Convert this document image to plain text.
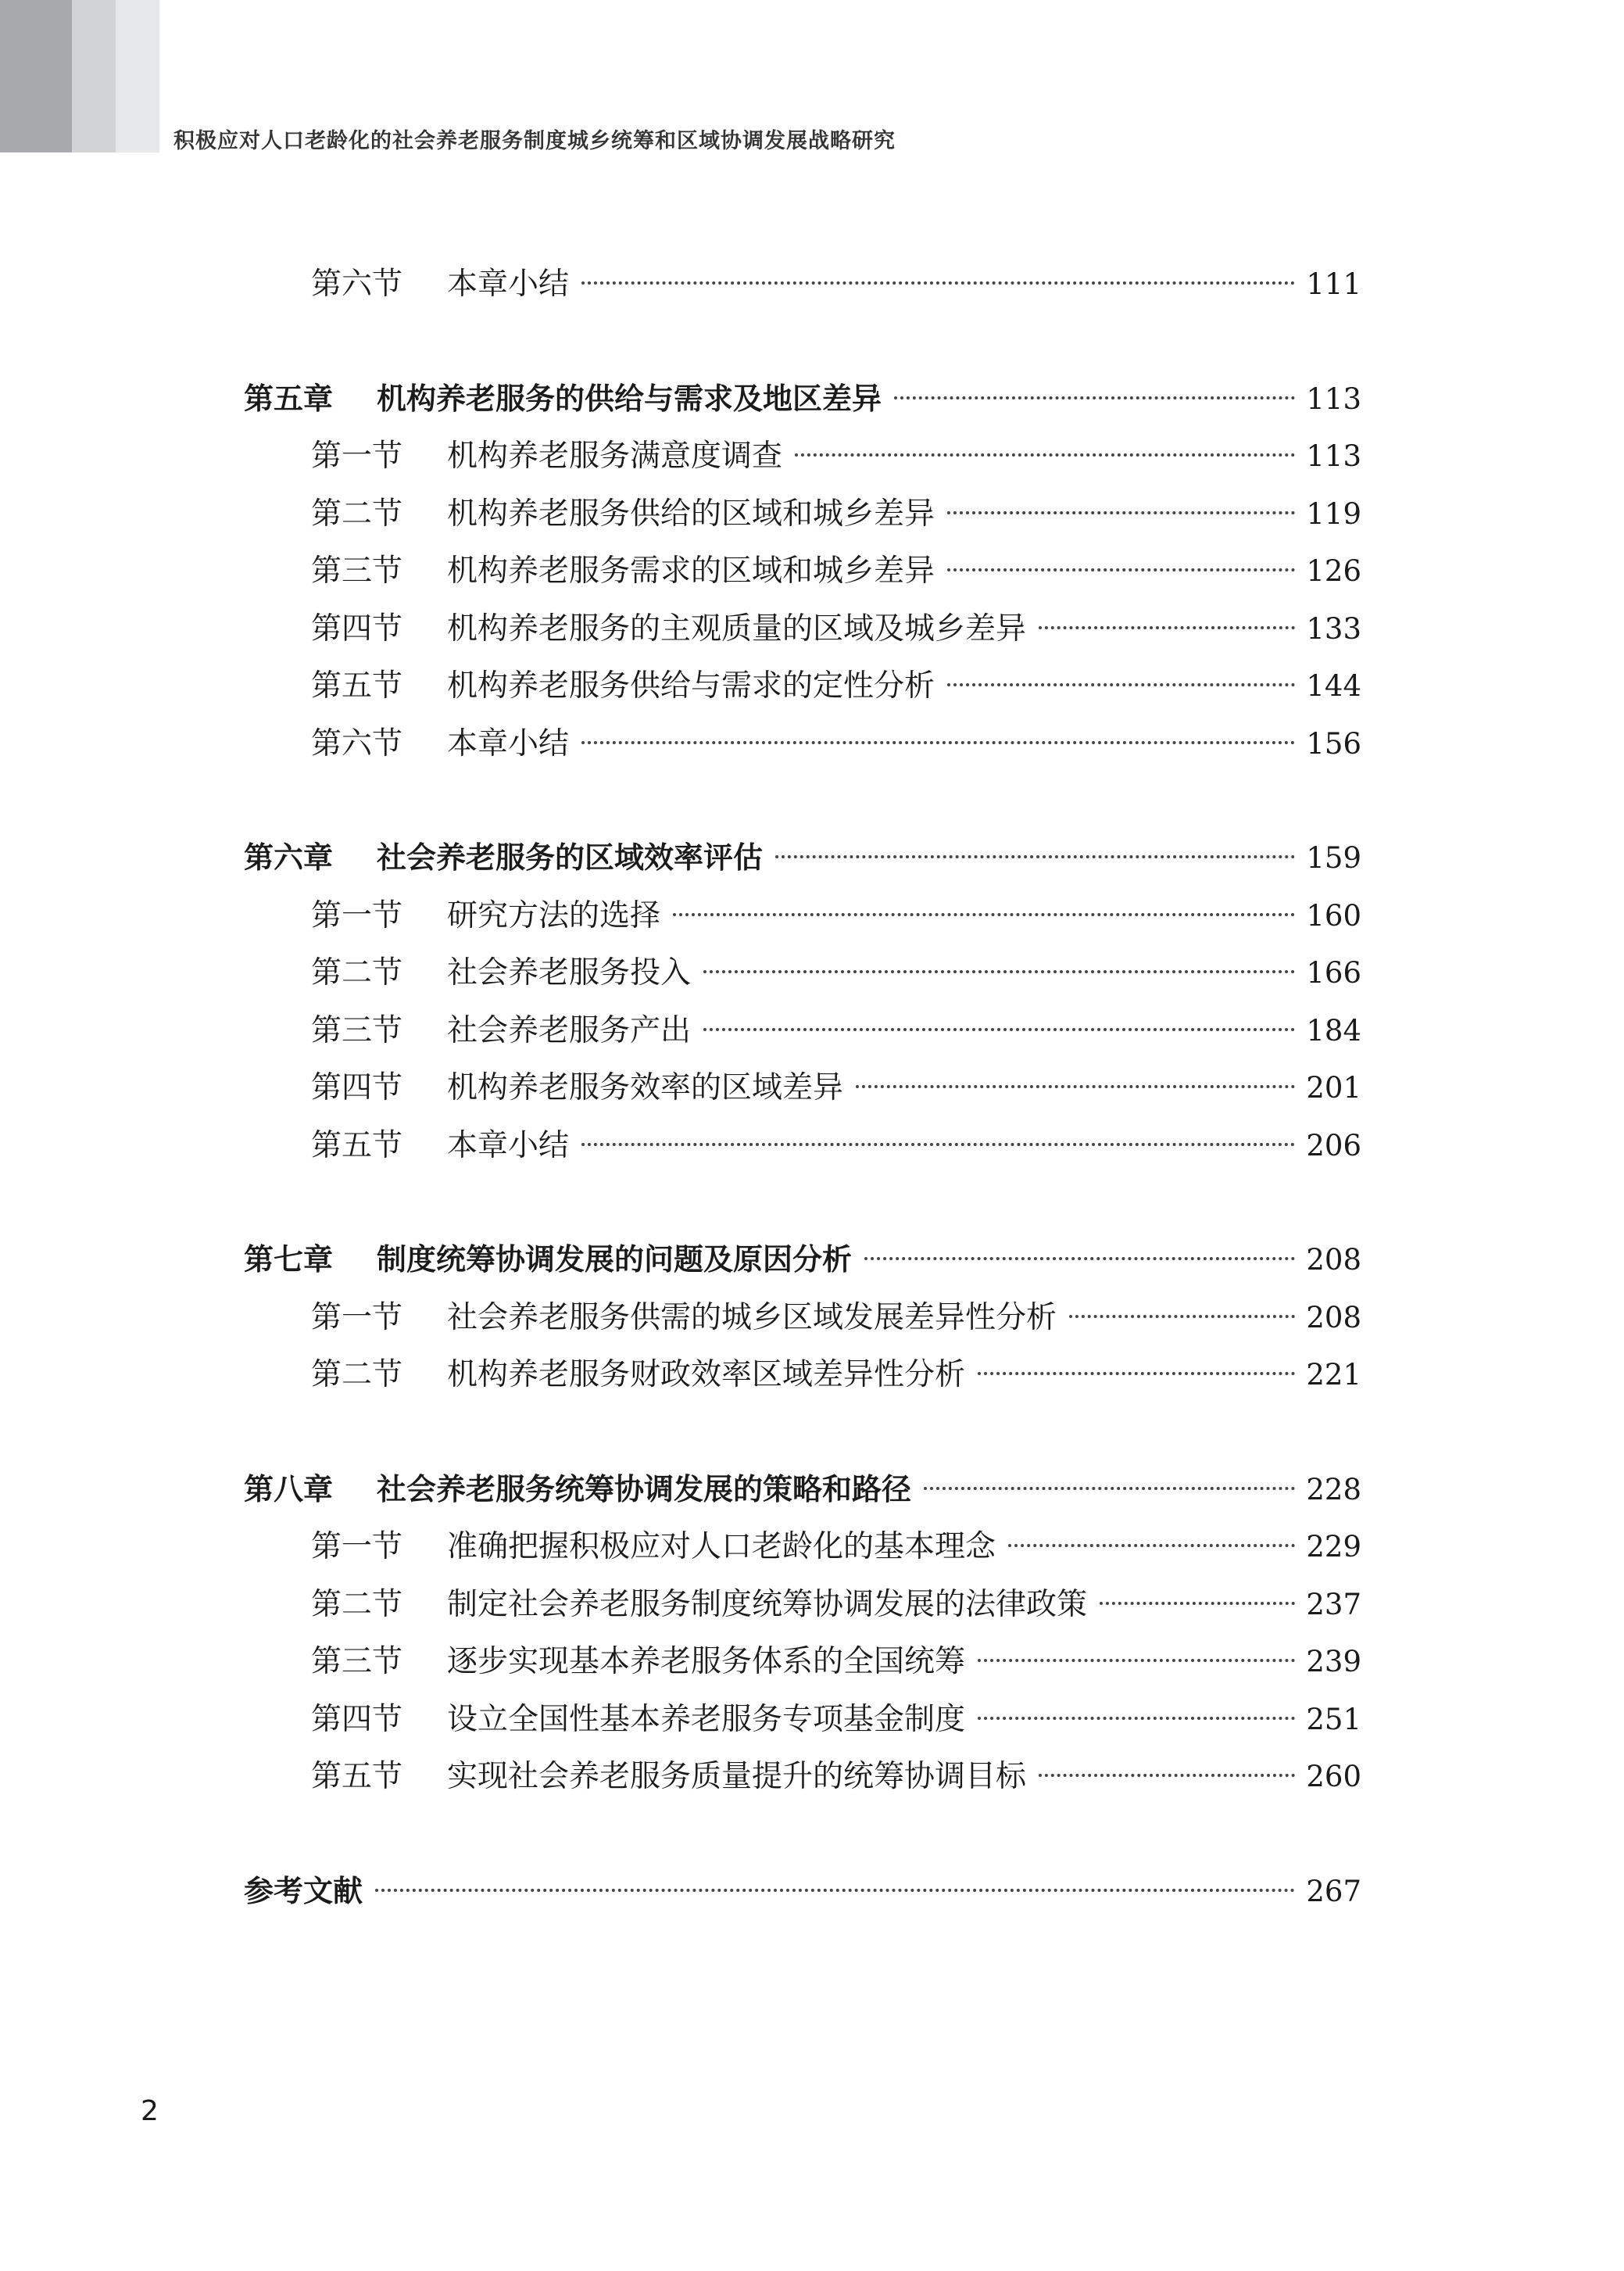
积极应对人口老龄化的社会养老服务制度城乡统筹和区域协调发展战略研究
第六节	本章小结	111
第五章	机构养老服务的供给与需求及地区差异	113
第一节	机构养老服务满意度调查	113
第二节	机构养老服务供给的区域和城乡差异	119
第三节	机构养老服务需求的区域和城乡差异	126
第四节	机构养老服务的主观质量的区域及城乡差异	133
第五节	机构养老服务供给与需求的定性分析	144
第六节	本章小结	156
第六章	社会养老服务的区域效率评估	159
第一节	研究方法的选择	160
第二节	社会养老服务投入	166
第三节	社会养老服务产出	184
第四节	机构养老服务效率的区域差异	201
第五节	本章小结	206
第七章	制度统筹协调发展的问题及原因分析	208
第一节	社会养老服务供需的城乡区域发展差异性分析	208
第二节	机构养老服务财政效率区域差异性分析	221
第八章	社会养老服务统筹协调发展的策略和路径	228
第一节	准确把握积极应对人口老龄化的基本理念	229
第二节	制定社会养老服务制度统筹协调发展的法律政策	237
第三节	逐步实现基本养老服务体系的全国统筹	239
第四节	设立全国性基本养老服务专项基金制度	251
第五节	实现社会养老服务质量提升的统筹协调目标	260
参考文献	267
2
